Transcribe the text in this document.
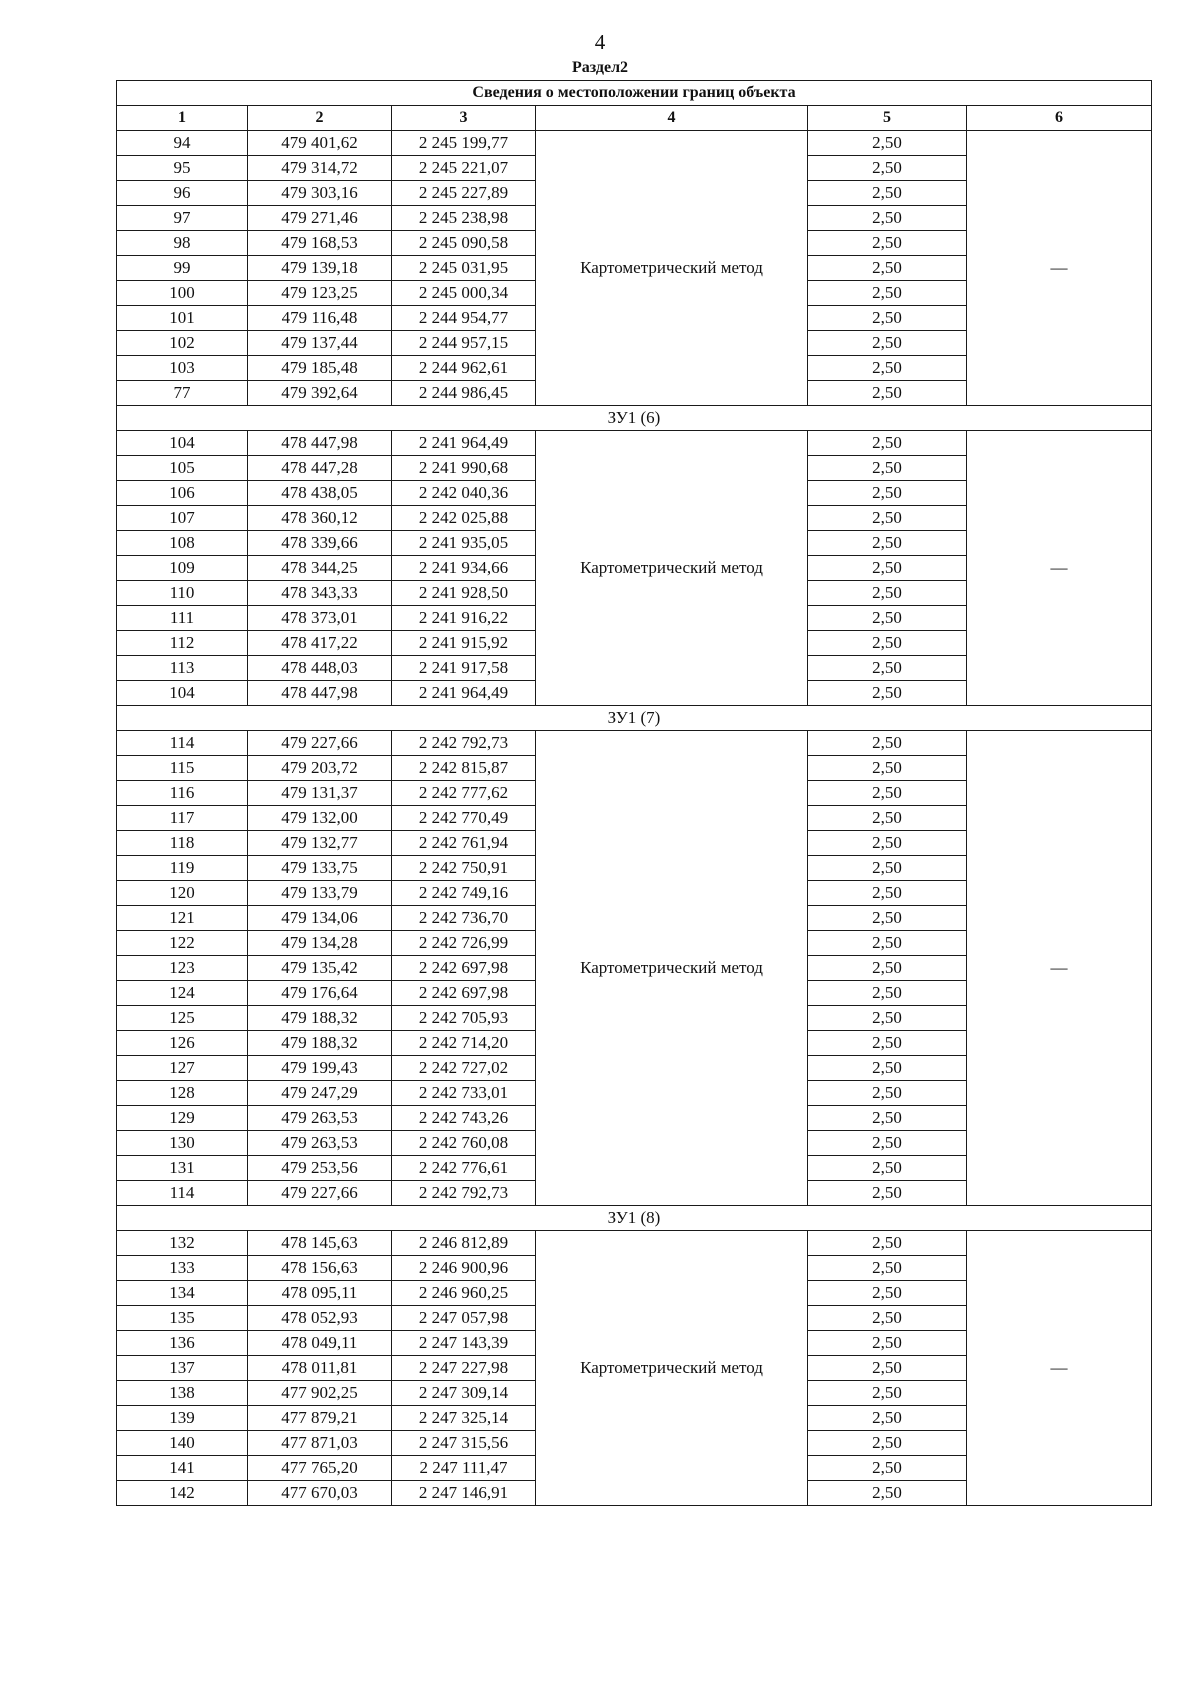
4
Раздел2
Сведения о местоположении границ объекта					
1	2	3	4	5	6
94	479 401,62	2 245 199,77	Картометрический метод	2,50	—
95	479 314,72	2 245 221,07		2,50	
96	479 303,16	2 245 227,89		2,50	
97	479 271,46	2 245 238,98		2,50	
98	479 168,53	2 245 090,58		2,50	
99	479 139,18	2 245 031,95		2,50	
100	479 123,25	2 245 000,34		2,50	
101	479 116,48	2 244 954,77		2,50	
102	479 137,44	2 244 957,15		2,50	
103	479 185,48	2 244 962,61		2,50	
77	479 392,64	2 244 986,45		2,50	
ЗУ1 (6)					
104	478 447,98	2 241 964,49	Картометрический метод	2,50	—
105	478 447,28	2 241 990,68		2,50	
106	478 438,05	2 242 040,36		2,50	
107	478 360,12	2 242 025,88		2,50	
108	478 339,66	2 241 935,05		2,50	
109	478 344,25	2 241 934,66		2,50	
110	478 343,33	2 241 928,50		2,50	
111	478 373,01	2 241 916,22		2,50	
112	478 417,22	2 241 915,92		2,50	
113	478 448,03	2 241 917,58		2,50	
104	478 447,98	2 241 964,49		2,50	
ЗУ1 (7)					
114	479 227,66	2 242 792,73	Картометрический метод	2,50	—
115	479 203,72	2 242 815,87		2,50	
116	479 131,37	2 242 777,62		2,50	
117	479 132,00	2 242 770,49		2,50	
118	479 132,77	2 242 761,94		2,50	
119	479 133,75	2 242 750,91		2,50	
120	479 133,79	2 242 749,16		2,50	
121	479 134,06	2 242 736,70		2,50	
122	479 134,28	2 242 726,99		2,50	
123	479 135,42	2 242 697,98		2,50	
124	479 176,64	2 242 697,98		2,50	
125	479 188,32	2 242 705,93		2,50	
126	479 188,32	2 242 714,20		2,50	
127	479 199,43	2 242 727,02		2,50	
128	479 247,29	2 242 733,01		2,50	
129	479 263,53	2 242 743,26		2,50	
130	479 263,53	2 242 760,08		2,50	
131	479 253,56	2 242 776,61		2,50	
114	479 227,66	2 242 792,73		2,50	
ЗУ1 (8)					
132	478 145,63	2 246 812,89	Картометрический метод	2,50	—
133	478 156,63	2 246 900,96		2,50	
134	478 095,11	2 246 960,25		2,50	
135	478 052,93	2 247 057,98		2,50	
136	478 049,11	2 247 143,39		2,50	
137	478 011,81	2 247 227,98		2,50	
138	477 902,25	2 247 309,14		2,50	
139	477 879,21	2 247 325,14		2,50	
140	477 871,03	2 247 315,56		2,50	
141	477 765,20	2 247 111,47		2,50	
142	477 670,03	2 247 146,91		2,50	
